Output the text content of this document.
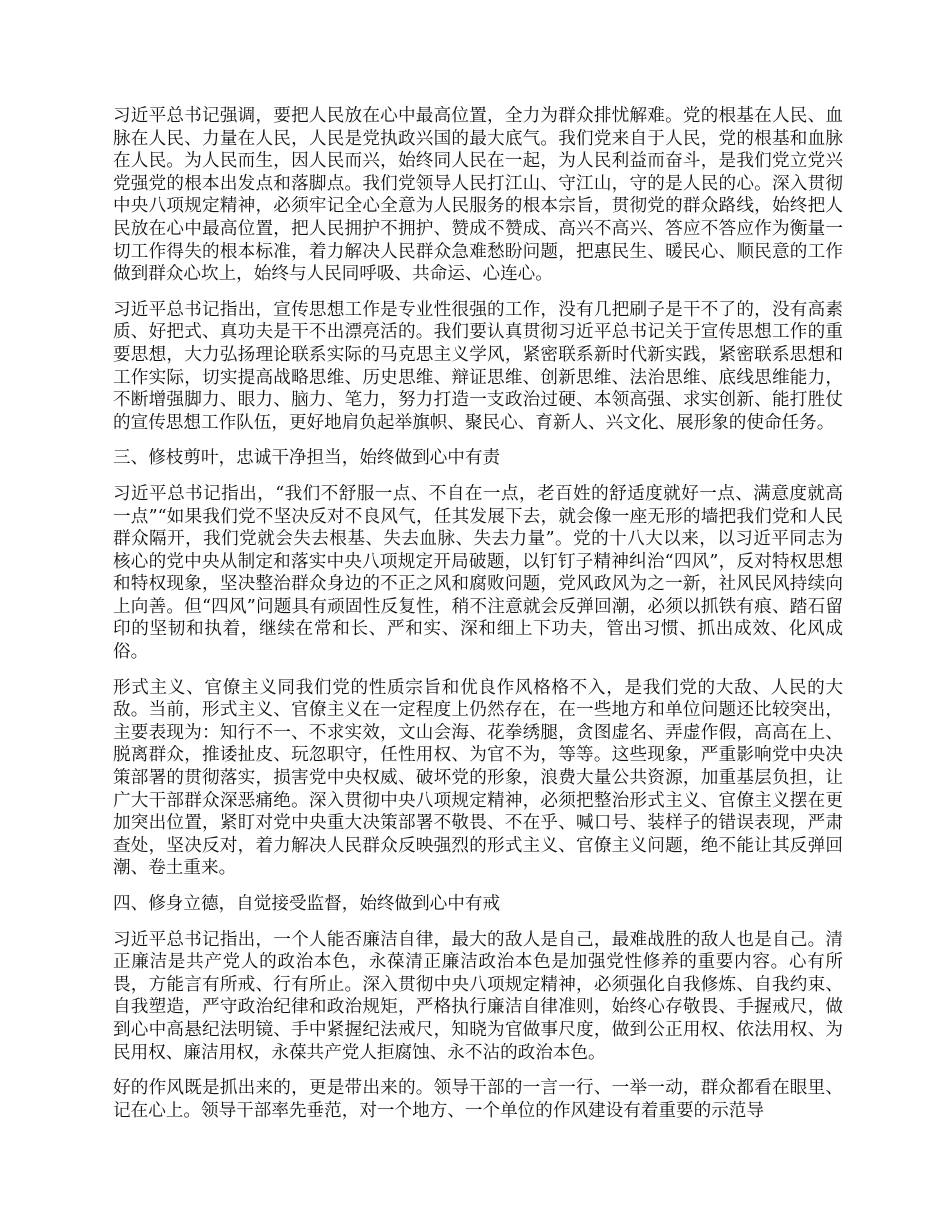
习近平总书记强调，要把人民放在心中最高位置，全力为群众排忧解难。党的根基在人民、血脉在人民、力量在人民，人民是党执政兴国的最大底气。我们党来自于人民，党的根基和血脉在人民。为人民而生，因人民而兴，始终同人民在一起，为人民利益而奋斗，是我们党立党兴党强党的根本出发点和落脚点。我们党领导人民打江山、守江山，守的是人民的心。深入贯彻中央八项规定精神，必须牢记全心全意为人民服务的根本宗旨，贯彻党的群众路线，始终把人民放在心中最高位置，把人民拥护不拥护、赞成不赞成、高兴不高兴、答应不答应作为衡量一切工作得失的根本标准，着力解决人民群众急难愁盼问题，把惠民生、暖民心、顺民意的工作做到群众心坎上，始终与人民同呼吸、共命运、心连心。

习近平总书记指出，宣传思想工作是专业性很强的工作，没有几把刷子是干不了的，没有高素质、好把式、真功夫是干不出漂亮活的。我们要认真贯彻习近平总书记关于宣传思想工作的重要思想，大力弘扬理论联系实际的马克思主义学风，紧密联系新时代新实践，紧密联系思想和工作实际，切实提高战略思维、历史思维、辩证思维、创新思维、法治思维、底线思维能力，不断增强脚力、眼力、脑力、笔力，努力打造一支政治过硬、本领高强、求实创新、能打胜仗的宣传思想工作队伍，更好地肩负起举旗帜、聚民心、育新人、兴文化、展形象的使命任务。

三、修枝剪叶，忠诚干净担当，始终做到心中有责

习近平总书记指出，“我们不舒服一点、不自在一点，老百姓的舒适度就好一点、满意度就高一点”“如果我们党不坚决反对不良风气，任其发展下去，就会像一座无形的墙把我们党和人民群众隔开，我们党就会失去根基、失去血脉、失去力量”。党的十八大以来，以习近平同志为核心的党中央从制定和落实中央八项规定开局破题，以钉钉子精神纠治“四风”，反对特权思想和特权现象，坚决整治群众身边的不正之风和腐败问题，党风政风为之一新，社风民风持续向上向善。但“四风”问题具有顽固性反复性，稍不注意就会反弹回潮，必须以抓铁有痕、踏石留印的坚韧和执着，继续在常和长、严和实、深和细上下功夫，管出习惯、抓出成效、化风成俗。

形式主义、官僚主义同我们党的性质宗旨和优良作风格格不入，是我们党的大敌、人民的大敌。当前，形式主义、官僚主义在一定程度上仍然存在，在一些地方和单位问题还比较突出，主要表现为：知行不一、不求实效，文山会海、花拳绣腿，贪图虚名、弄虚作假，高高在上、脱离群众，推诿扯皮、玩忽职守，任性用权、为官不为，等等。这些现象，严重影响党中央决策部署的贯彻落实，损害党中央权威、破坏党的形象，浪费大量公共资源，加重基层负担，让广大干部群众深恶痛绝。深入贯彻中央八项规定精神，必须把整治形式主义、官僚主义摆在更加突出位置，紧盯对党中央重大决策部署不敬畏、不在乎、喊口号、装样子的错误表现，严肃查处，坚决反对，着力解决人民群众反映强烈的形式主义、官僚主义问题，绝不能让其反弹回潮、卷土重来。

四、修身立德，自觉接受监督，始终做到心中有戒

习近平总书记指出，一个人能否廉洁自律，最大的敌人是自己，最难战胜的敌人也是自己。清正廉洁是共产党人的政治本色，永葆清正廉洁政治本色是加强党性修养的重要内容。心有所畏，方能言有所戒、行有所止。深入贯彻中央八项规定精神，必须强化自我修炼、自我约束、自我塑造，严守政治纪律和政治规矩，严格执行廉洁自律准则，始终心存敬畏、手握戒尺，做到心中高悬纪法明镜、手中紧握纪法戒尺，知晓为官做事尺度，做到公正用权、依法用权、为民用权、廉洁用权，永葆共产党人拒腐蚀、永不沾的政治本色。

好的作风既是抓出来的，更是带出来的。领导干部的一言一行、一举一动，群众都看在眼里、记在心上。领导干部率先垂范，对一个地方、一个单位的作风建设有着重要的示范导
